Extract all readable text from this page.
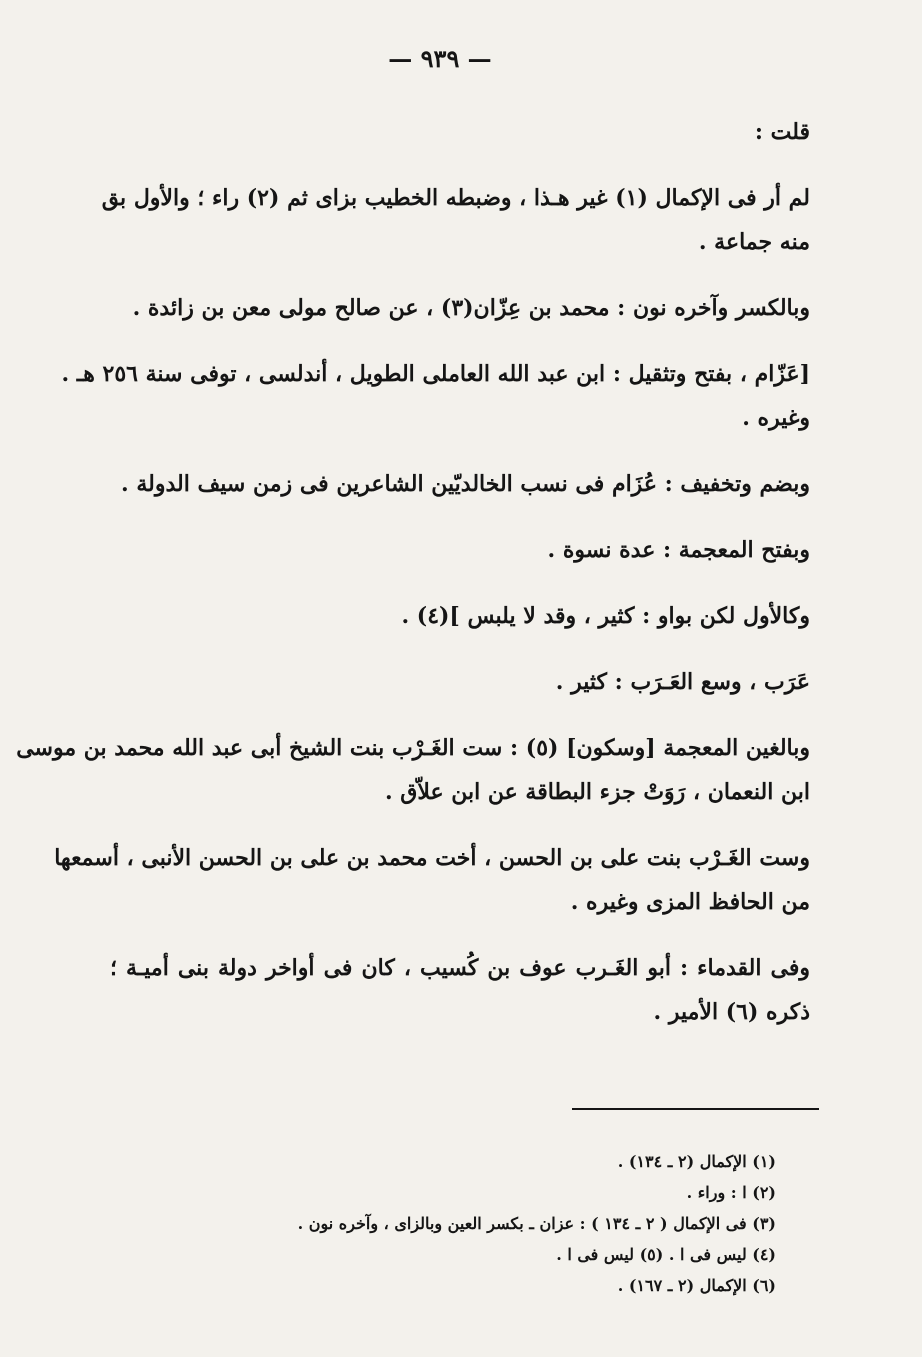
— ٩٣٩ —
قلت :
لم أر فى الإكمال (١) غير هـذا ، وضبطه الخطيب بزاى ثم (٢) راء ؛ والأول بق
منه جماعة .
وبالكسر وآخره نون : محمد بن عِزّان(٣) ، عن صالح مولى معن بن زائدة .
[عَزّام ، بفتح وتثقيل : ابن عبد الله العاملى الطويل ، أندلسى ، توفى سنة ٢٥٦ هـ .
وغيره .
وبضم وتخفيف : عُزَام فى نسب الخالديّين الشاعرين فى زمن سيف الدولة .
وبفتح المعجمة : عدة نسوة .
وكالأول لكن بواو : كثير ، وقد لا يلبس ](٤) .
عَرَب ، وسع العَـرَب : كثير .
وبالغين المعجمة [وسكون] (٥) : ست الغَـرْب بنت الشيخ أبى عبد الله محمد بن موسى
ابن النعمان ، رَوَتْ جزء البطاقة عن ابن علاّق .
وست الغَـرْب بنت على بن الحسن ، أخت محمد بن على بن الحسن الأنبى ، أسمعها
من الحافظ المزى وغيره .
وفى القدماء : أبو الغَـرب عوف بن كُسيب ، كان فى أواخر دولة بنى أميـة ؛
ذكره (٦) الأمير .
(١) الإكمال (٢ ـ ١٣٤) .
(٢) ا : وراء .
(٣) فى الإكمال ( ٢ ـ ١٣٤ ) : عزان ـ بكسر العين وبالزاى ، وآخره نون .
(٤) ليس فى ا . (٥) ليس فى ا .
(٦) الإكمال (٢ ـ ١٦٧) .
